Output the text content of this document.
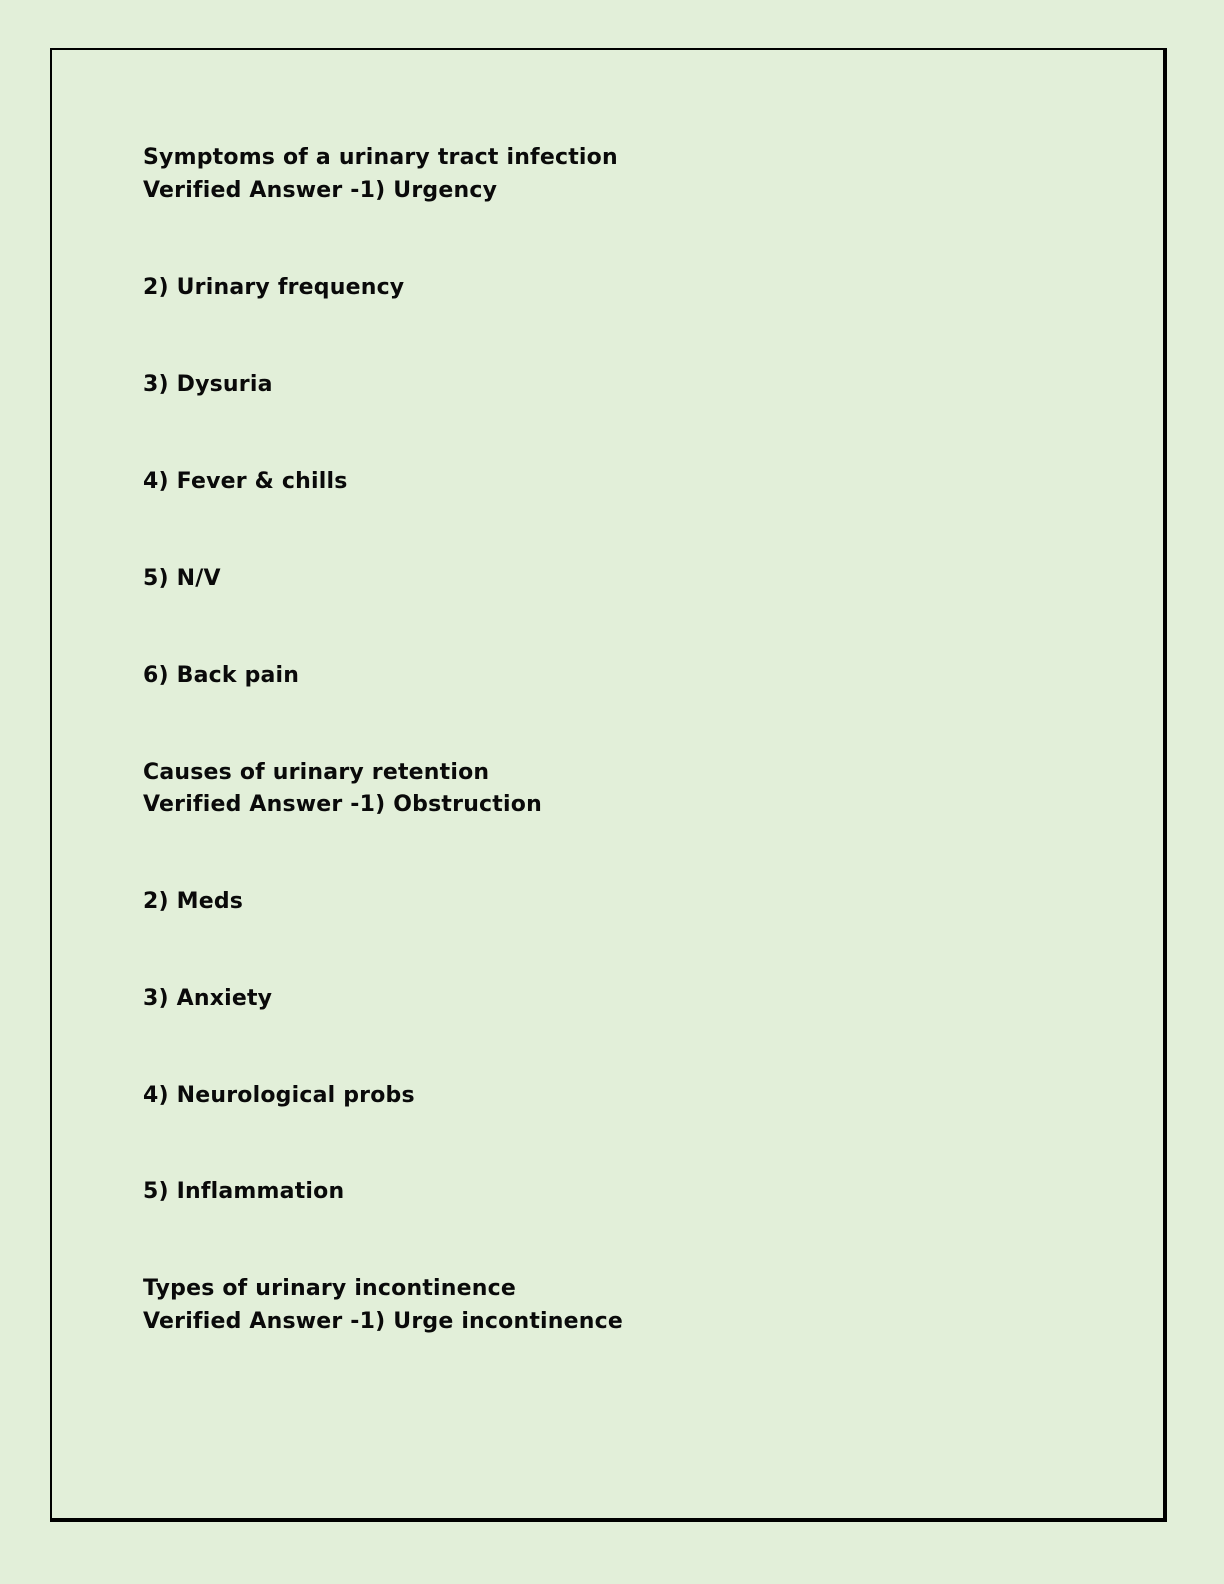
Symptoms of a urinary tract infection

Verified Answer -1) Urgency

2) Urinary frequency

3) Dysuria

4) Fever & chills

5) N/V

6) Back pain

Causes of urinary retention

Verified Answer -1) Obstruction

2) Meds

3) Anxiety

4) Neurological probs

5) Inflammation

Types of urinary incontinence

Verified Answer -1) Urge incontinence
